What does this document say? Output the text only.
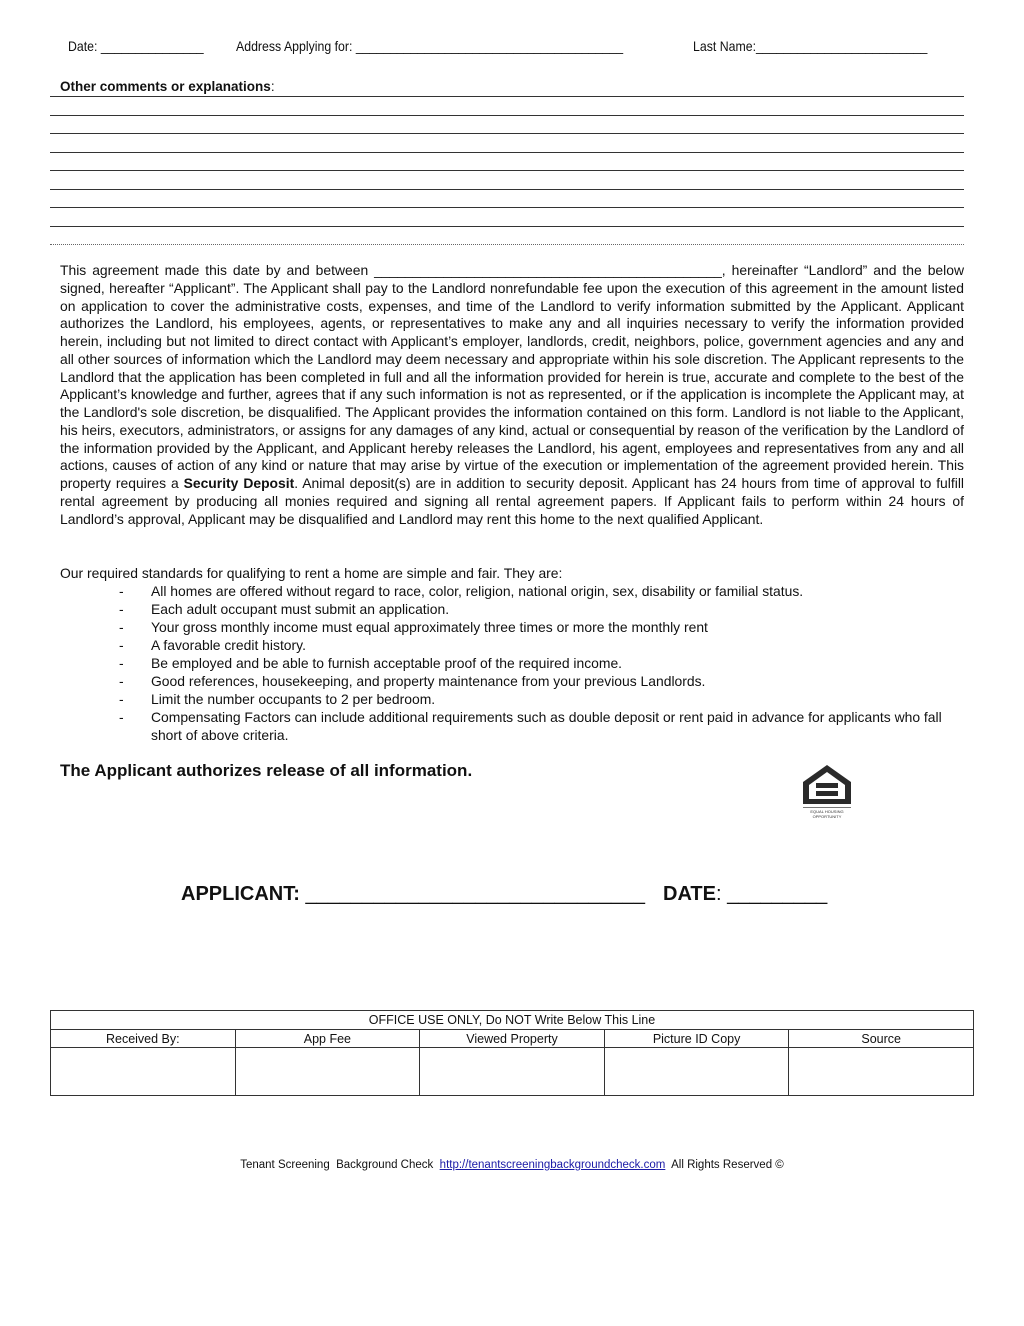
Date: _______________ Address Applying for: _______________________________________	Last Name:_________________________
Other comments or explanations:
This agreement made this date by and between _____________________________________________, hereinafter “Landlord” and the below signed, hereafter “Applicant”. The Applicant shall pay to the Landlord nonrefundable fee upon the execution of this agreement in the amount listed on application to cover the administrative costs, expenses, and time of the Landlord to verify information submitted by the Applicant. Applicant authorizes the Landlord, his employees, agents, or representatives to make any and all inquiries necessary to verify the information provided herein, including but not limited to direct contact with Applicant’s employer, landlords, credit, neighbors, police, government agencies and any and all other sources of information which the Landlord may deem necessary and appropriate within his sole discretion. The Applicant represents to the Landlord that the application has been completed in full and all the information provided for herein is true, accurate and complete to the best of the Applicant’s knowledge and further, agrees that if any such information is not as represented, or if the application is incomplete the Applicant may, at the Landlord's sole discretion, be disqualified. The Applicant provides the information contained on this form. Landlord is not liable to the Applicant, his heirs, executors, administrators, or assigns for any damages of any kind, actual or consequential by reason of the verification by the Landlord of the information provided by the Applicant, and Applicant hereby releases the Landlord, his agent, employees and representatives from any and all actions, causes of action of any kind or nature that may arise by virtue of the execution or implementation of the agreement provided herein. This property requires a Security Deposit. Animal deposit(s) are in addition to security deposit. Applicant has 24 hours from time of approval to fulfill rental agreement by producing all monies required and signing all rental agreement papers. If Applicant fails to perform within 24 hours of Landlord’s approval, Applicant may be disqualified and Landlord may rent this home to the next qualified Applicant.
Our required standards for qualifying to rent a home are simple and fair. They are:
- All homes are offered without regard to race, color, religion, national origin, sex, disability or familial status.
- Each adult occupant must submit an application.
- Your gross monthly income must equal approximately three times or more the monthly rent
- A favorable credit history.
- Be employed and be able to furnish acceptable proof of the required income.
- Good references, housekeeping, and property maintenance from your previous Landlords.
- Limit the number occupants to 2 per bedroom.
- Compensating Factors can include additional requirements such as double deposit or rent paid in advance for applicants who fall short of above criteria.
The Applicant authorizes release of all information.
EQUAL HOUSING
OPPORTUNITY
APPLICANT: ______________________________ DATE: _________
OFFICE USE ONLY, Do NOT Write Below This Line				
Received By:	App Fee	Viewed Property	Picture ID Copy	Source

Tenant Screening  Background Check  http://tenantscreeningbackgroundcheck.com  All Rights Reserved ©
